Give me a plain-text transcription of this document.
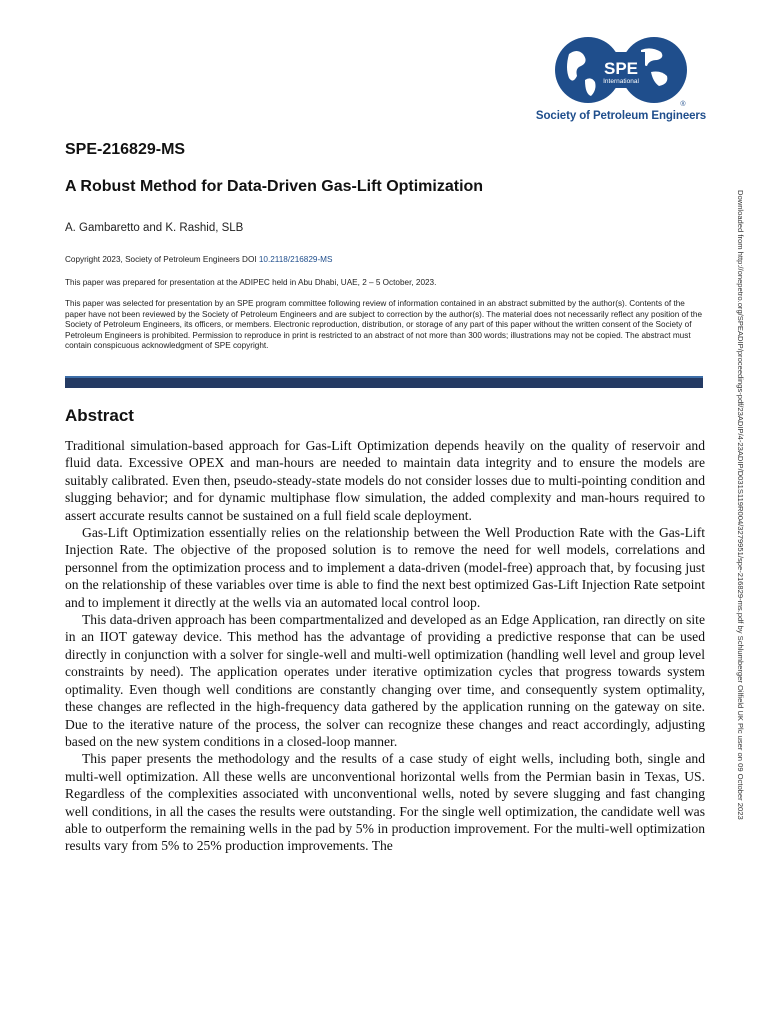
SPE
International
®
Society of Petroleum Engineers
SPE-216829-MS
A Robust Method for Data-Driven Gas-Lift Optimization
A. Gambaretto and K. Rashid, SLB
Copyright 2023, Society of Petroleum Engineers DOI 10.2118/216829-MS
This paper was prepared for presentation at the ADIPEC held in Abu Dhabi, UAE, 2 – 5 October, 2023.
This paper was selected for presentation by an SPE program committee following review of information contained in an abstract submitted by the author(s). Contents of the paper have not been reviewed by the Society of Petroleum Engineers and are subject to correction by the author(s). The material does not necessarily reflect any position of the Society of Petroleum Engineers, its officers, or members. Electronic reproduction, distribution, or storage of any part of this paper without the written consent of the Society of Petroleum Engineers is prohibited. Permission to reproduce in print is restricted to an abstract of not more than 300 words; illustrations may not be copied. The abstract must contain conspicuous acknowledgment of SPE copyright.
Abstract

Traditional simulation-based approach for Gas-Lift Optimization depends heavily on the quality of reservoir and fluid data. Excessive OPEX and man-hours are needed to maintain data integrity and to ensure the models are suitably calibrated. Even then, pseudo-steady-state models do not consider losses due to multi-pointing condition and slugging behavior; and for dynamic multiphase flow simulation, the added complexity and man-hours required to assert accurate results cannot be sustained on a full field scale deployment.

Gas-Lift Optimization essentially relies on the relationship between the Well Production Rate with the Gas-Lift Injection Rate. The objective of the proposed solution is to remove the need for well models, correlations and personnel from the optimization process and to implement a data-driven (model-free) approach that, by focusing just on the relationship of these variables over time is able to find the next best optimized Gas-Lift Injection Rate setpoint and to implement it directly at the wells via an automated local control loop.

This data-driven approach has been compartmentalized and developed as an Edge Application, ran directly on site in an IIOT gateway device. This method has the advantage of providing a predictive response that can be used directly in conjunction with a solver for single-well and multi-well optimization (handling well level and group level constraints by need). The application operates under iterative optimization cycles that progress towards system optimality. Even though well conditions are constantly changing over time, and consequently system optimality, these changes are reflected in the high-frequency data gathered by the application running on the gateway on site. Due to the iterative nature of the process, the solver can recognize these changes and react accordingly, adjusting based on the new system conditions in a closed-loop manner.

This paper presents the methodology and the results of a case study of eight wells, including both, single and multi-well optimization. All these wells are unconventional horizontal wells from the Permian basin in Texas, US. Regardless of the complexities associated with unconventional wells, noted by severe slugging and fast changing well conditions, in all the cases the results were outstanding. For the single well optimization, the candidate well was able to outperform the remaining wells in the pad by 5% in production improvement. For the multi-well optimization results vary from 5% to 25% production improvements. The

Downloaded from http://onepetro.org/SPEADIP/proceedings-pdf/23ADIP/4-23ADIP/D031S119R004/3279951/spe-216829-ms.pdf by Schlumberger Oilfield UK Plc user on 09 October 2023
